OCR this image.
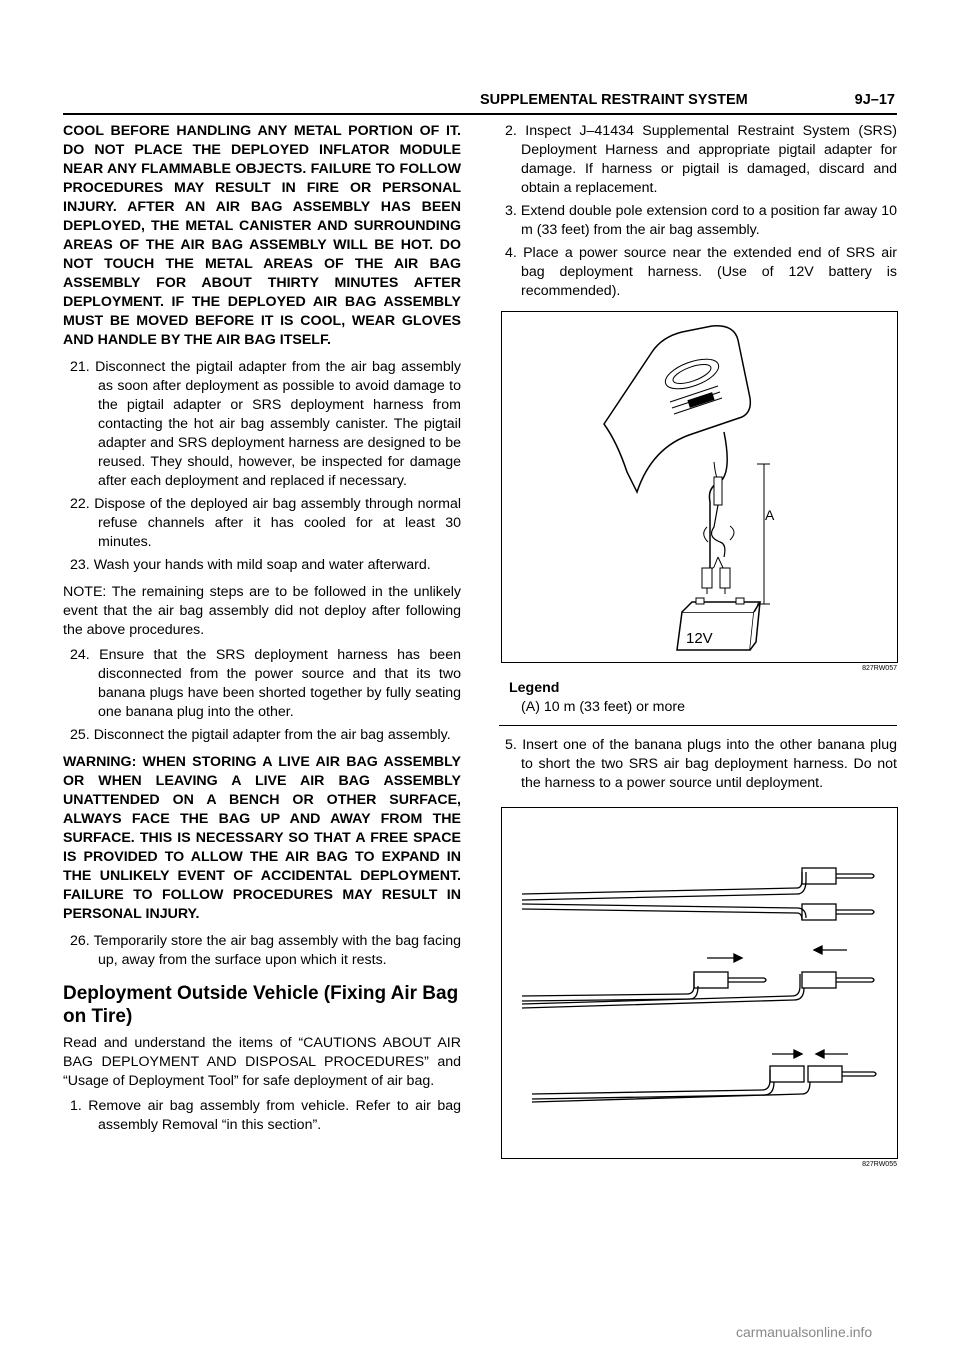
SUPPLEMENTAL RESTRAINT SYSTEM	9J–17

COOL BEFORE HANDLING ANY METAL PORTION OF IT. DO NOT PLACE THE DEPLOYED INFLATOR MODULE NEAR ANY FLAMMABLE OBJECTS. FAILURE TO FOLLOW PROCEDURES MAY RESULT IN FIRE OR PERSONAL INJURY. AFTER AN AIR BAG ASSEMBLY HAS BEEN DEPLOYED, THE METAL CANISTER AND SURROUNDING AREAS OF THE AIR BAG ASSEMBLY WILL BE HOT. DO NOT TOUCH THE METAL AREAS OF THE AIR BAG ASSEMBLY FOR ABOUT THIRTY MINUTES AFTER DEPLOYMENT. IF THE DEPLOYED AIR BAG ASSEMBLY MUST BE MOVED BEFORE IT IS COOL, WEAR GLOVES AND HANDLE BY THE AIR BAG ITSELF.

21. Disconnect the pigtail adapter from the air bag assembly as soon after deployment as possible to avoid damage to the pigtail adapter or SRS deployment harness from contacting the hot air bag assembly canister. The pigtail adapter and SRS deployment harness are designed to be reused. They should, however, be inspected for damage after each deployment and replaced if necessary.
22. Dispose of the deployed air bag assembly through normal refuse channels after it has cooled for at least 30 minutes.
23. Wash your hands with mild soap and water afterward.

NOTE: The remaining steps are to be followed in the unlikely event that the air bag assembly did not deploy after following the above procedures.

24. Ensure that the SRS deployment harness has been disconnected from the power source and that its two banana plugs have been shorted together by fully seating one banana plug into the other.
25. Disconnect the pigtail adapter from the air bag assembly.

WARNING: WHEN STORING A LIVE AIR BAG ASSEMBLY OR WHEN LEAVING A LIVE AIR BAG ASSEMBLY UNATTENDED ON A BENCH OR OTHER SURFACE, ALWAYS FACE THE BAG UP AND AWAY FROM THE SURFACE. THIS IS NECESSARY SO THAT A FREE SPACE IS PROVIDED TO ALLOW THE AIR BAG TO EXPAND IN THE UNLIKELY EVENT OF ACCIDENTAL DEPLOYMENT. FAILURE TO FOLLOW PROCEDURES MAY RESULT IN PERSONAL INJURY.

26. Temporarily store the air bag assembly with the bag facing up, away from the surface upon which it rests.
Deployment Outside Vehicle (Fixing Air Bag on Tire)

Read and understand the items of “CAUTIONS ABOUT AIR BAG DEPLOYMENT AND DISPOSAL PROCEDURES” and “Usage of Deployment Tool” for safe deployment of air bag.

1. Remove air bag assembly from vehicle. Refer to air bag assembly Removal “in this section”.
2. Inspect J–41434 Supplemental Restraint System (SRS) Deployment Harness and appropriate pigtail adapter for damage. If harness or pigtail is damaged, discard and obtain a replacement.
3. Extend double pole extension cord to a position far away 10 m (33 feet) from the air bag assembly.
4. Place a power source near the extended end of SRS air bag deployment harness. (Use of 12V battery is recommended).
12V
A
827RW057
Legend
(A) 10 m (33 feet) or more
5. Insert one of the banana plugs into the other banana plug to short the two SRS air bag deployment harness. Do not the harness to a power source until deployment.
827RW055
carmanualsonline.info
